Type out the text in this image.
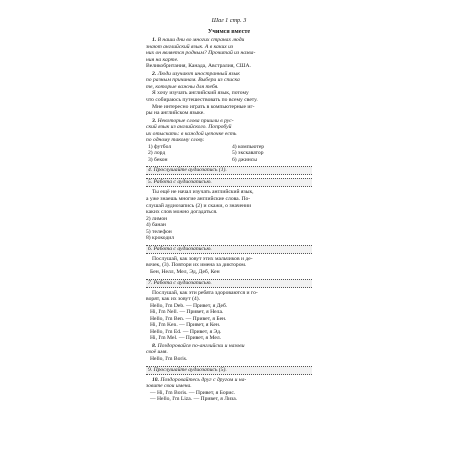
Шаг 1 стр. 3
Учимся вместе
1. В наши дни во многих странах люди
знают английский язык. А в каких из
них он является родным? Прочитай из назва-
ния на карте.
Великобритания, Канада, Австралия, США.
2. Люди изучают иностранный язык
по разным причинам. Выбери из списка
те, которые важны для тебя.
Я хочу изучать английский язык, потому
что собираюсь путешествовать по всему свету.
Мне интересно играть в компьютерные иг-
ры на английском языке.
3. Некоторые слова пришли в рус-
ский язык из английского. Попробуй
их отыскать: в каждой цепочке есть
по одному такому слову.
1) футбол	4) компьютер
2) лорд	5) экскаватор
3) бекон	6) джинсы
4. Прослушайте аудиозапись (1).
5. Работа с аудиозаписью.
Ты ещё не начал изучать английский язык,
а уже знаешь многие английские слова. По-
слушай аудиозапись (2) и скажи, о значении
каких слов можно догадаться.
2) лимон
4) банан
5) телефон
8) крокодил
6. Работа с аудиозаписью.
Послушай, как зовут этих мальчиков и де-
вочек, (3). Повтори их имена за диктором.
Бен, Нелл, Мел, Эд, Деб, Кен
7. Работа с аудиозаписью.
Послушай, как эти ребята здороваются и го-
ворят, как их зовут (4).
Hello, I'm Deb. — Привет, я Деб.
Hi, I'm Nell. — Привет, я Нела.
Hello, I'm Ben. — Привет, я Бен.
Hi, I'm Ken. — Привет, я Кен.
Hello, I'm Ed. — Привет, я Эд.
Hi, I'm Mel. — Привет, я Мел.
8. Поздоровайся по-английски и назови
своё имя.
Hello, I'm Boris.
9. Прослушайте аудиозапись (5).
10. Поздоровайтесь друг с другом и на-
зовите свои имена.
— Hi, I'm Boris. — Привет, я Борис.
— Hello, I'm Liza. — Привет, я Лиза.
